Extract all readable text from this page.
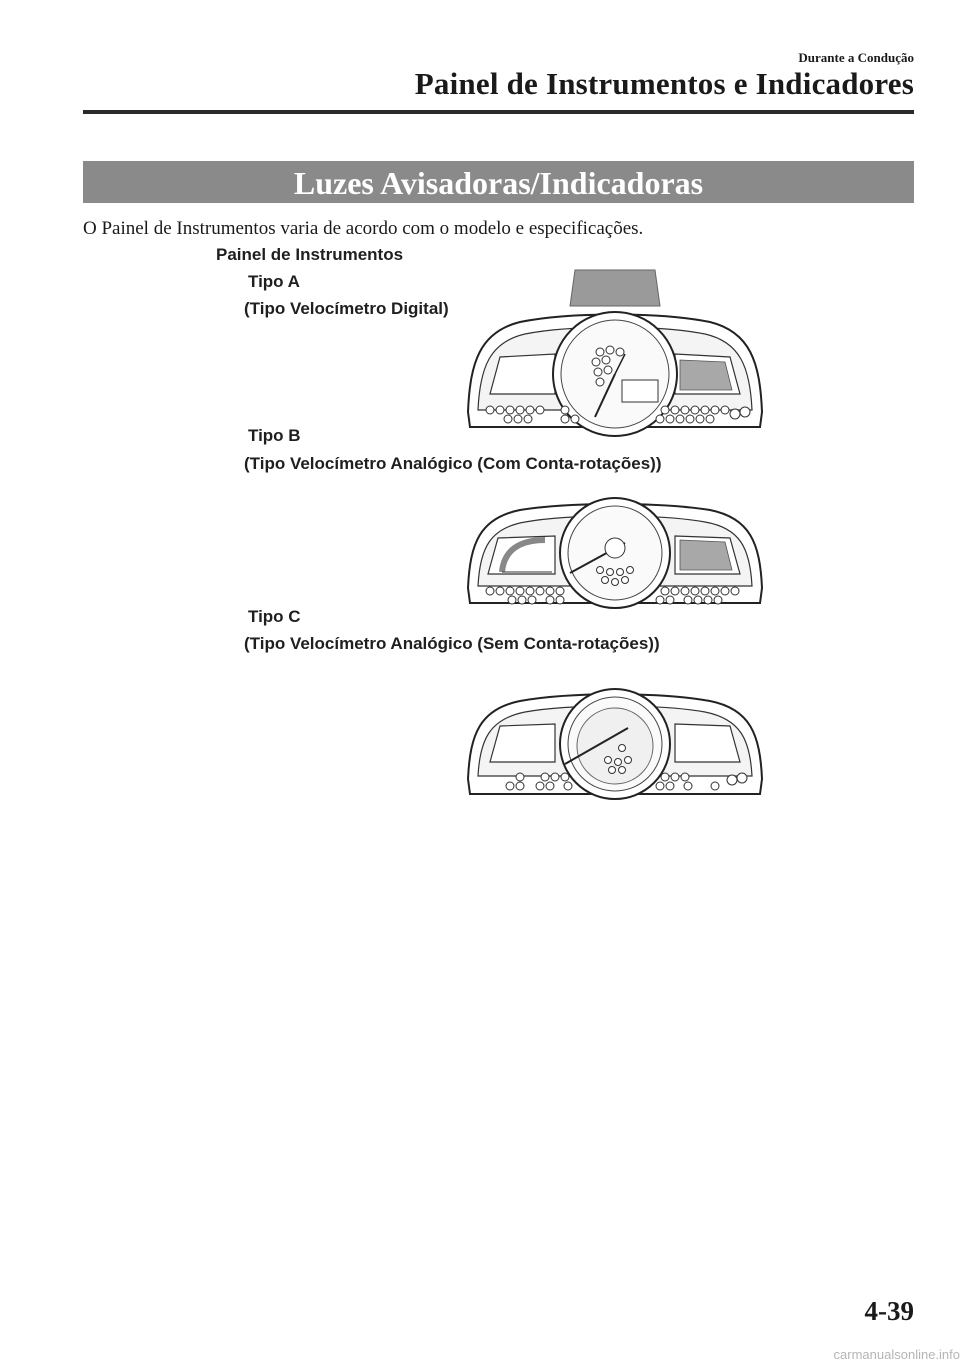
Durante a Condução
Painel de Instrumentos e Indicadores
Luzes Avisadoras/Indicadoras
O Painel de Instrumentos varia de acordo com o modelo e especificações.
Painel de Instrumentos
Tipo A
(Tipo Velocímetro Digital)
Tipo B
(Tipo Velocímetro Analógico (Com Conta-rotações))
Tipo C
(Tipo Velocímetro Analógico (Sem Conta-rotações))
4-39
carmanualsonline.info
